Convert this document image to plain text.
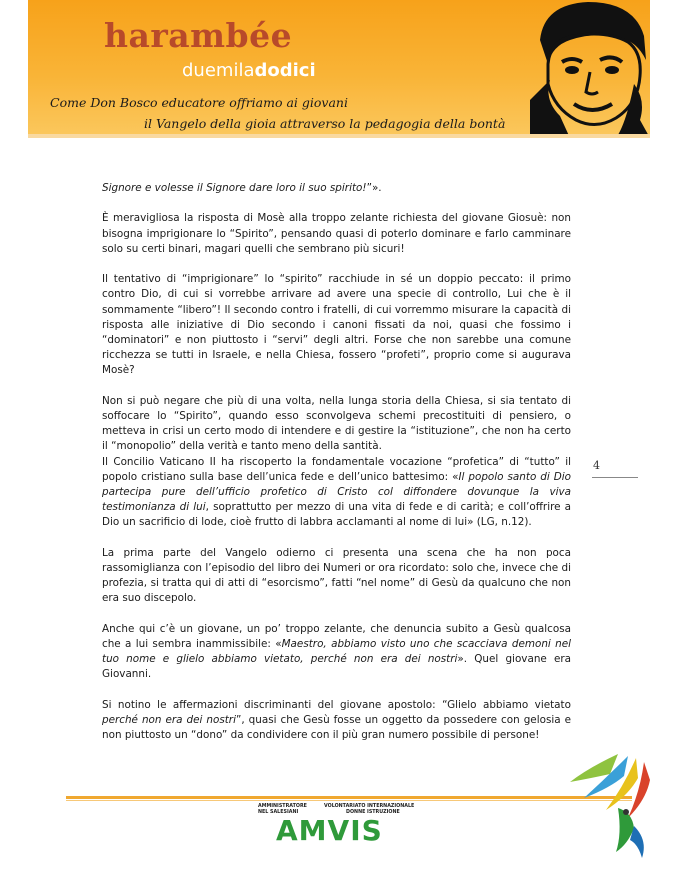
harambée
duemiladodici
Come Don Bosco educatore offriamo ai giovani
il Vangelo della gioia attraverso la pedagogia della bontà

Signore e volesse il Signore dare loro il suo spirito!”».

È meravigliosa la risposta di Mosè alla troppo zelante richiesta del giovane Giosuè: non bisogna imprigionare lo “Spirito”, pensando quasi di poterlo dominare e farlo camminare solo su certi binari, magari quelli che sembrano più sicuri!

Il tentativo di “imprigionare” lo “spirito” racchiude in sé un doppio peccato: il primo contro Dio, di cui si vorrebbe arrivare ad avere una specie di controllo, Lui che è il sommamente “libero”! Il secondo contro i fratelli, di cui vorremmo misurare la capacità di risposta alle iniziative di Dio secondo i canoni fissati da noi, quasi che fossimo i “dominatori” e non piuttosto i “servi” degli altri. Forse che non sarebbe una comune ricchezza se tutti in Israele, e nella Chiesa, fossero “profeti”, proprio come si augurava Mosè?

Non si può negare che più di una volta, nella lunga storia della Chiesa, si sia tentato di soffocare lo “Spirito”, quando esso sconvolgeva schemi precostituiti di pensiero, o metteva in crisi un certo modo di intendere e di gestire la “istituzione”, che non ha certo il “monopolio” della verità e tanto meno della santità.

Il Concilio Vaticano II ha riscoperto la fondamentale vocazione “profetica” di “tutto” il popolo cristiano sulla base dell’unica fede e dell’unico battesimo: «Il popolo santo di Dio partecipa pure dell’ufficio profetico di Cristo col diffondere dovunque la viva testimonianza di lui, soprattutto per mezzo di una vita di fede e di carità; e coll’offrire a Dio un sacrificio di lode, cioè frutto di labbra acclamanti al nome di lui» (LG, n.12).

La prima parte del Vangelo odierno ci presenta una scena che ha non poca rassomiglianza con l’episodio del libro dei Numeri or ora ricordato: solo che, invece che di profezia, si tratta qui di atti di “esorcismo”, fatti “nel nome” di Gesù da qualcuno che non era suo discepolo.

Anche qui c’è un giovane, un po’ troppo zelante, che denuncia subito a Gesù qualcosa che a lui sembra inammissibile: «Maestro, abbiamo visto uno che scacciava demoni nel tuo nome e glielo abbiamo vietato, perché non era dei nostri». Quel giovane era Giovanni.

Si notino le affermazioni discriminanti del giovane apostolo: “Glielo abbiamo vietato perché non era dei nostri”, quasi che Gesù fosse un oggetto da possedere con gelosia e non piuttosto un “dono” da condividere con il più gran numero possibile di persone!

4
AMMINISTRATORE
NEL SALESIANI
VOLONTARIATO INTERNAZIONALE
DONNE ISTRUZIONE
AMVIS
